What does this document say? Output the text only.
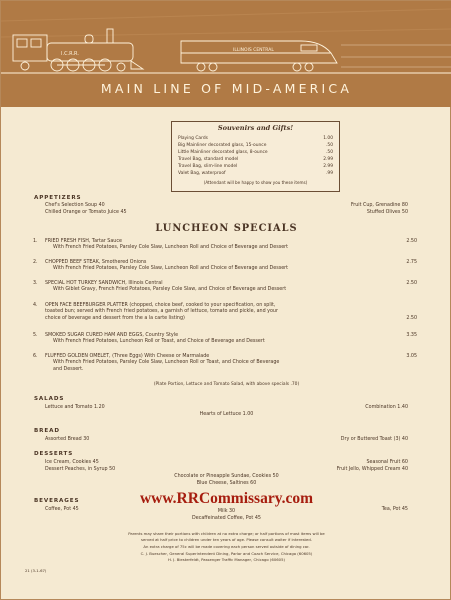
I.C.R.R.
ILLINOIS CENTRAL
MAIN LINE OF MID-AMERICA
Souvenirs and Gifts!
Playing Cards	1.00
Big Mainliner decorated glass, 15-ounce	.50
Little Mainliner decorated glass, 8-ounce	.50
Travel Bag, standard model	2.99
Travel Bag, slim-line model	2.99
Valet Bag, waterproof	.99
(Attendant will be happy to show you these items)
APPETIZERS
Chef's Selection Soup 40
Chilled Orange or Tomato Juice 45
Fruit Cup, Grenadine 80
Stuffed Olives 50
LUNCHEON SPECIALS
1. FRIED FRESH FISH, Tartar Sauce
With French Fried Potatoes, Parsley Cole Slaw, Luncheon Roll and Choice of Beverage and Dessert
2.50
2. CHOPPED BEEF STEAK, Smothered Onions
With French Fried Potatoes, Parsley Cole Slaw, Luncheon Roll and Choice of Beverage and Dessert
2.75
3. SPECIAL HOT TURKEY SANDWICH, Illinois Central
With Giblet Gravy, French Fried Potatoes, Parsley Cole Slaw, and Choice of Beverage and Dessert
2.50
4. OPEN FACE BEEFBURGER PLATTER (chopped, choice beef, cooked to your specification, on split,
toasted bun; served with French fried potatoes, a garnish of lettuce, tomato and pickle, and your
choice of beverage and dessert from the a la carte listing)	2.50
5. SMOKED SUGAR CURED HAM AND EGGS, Country Style
With French Fried Potatoes, Luncheon Roll or Toast, and Choice of Beverage and Dessert
3.35
6. FLUFFED GOLDEN OMELET, (Three Eggs) With Cheese or Marmalade
With French Fried Potatoes, Parsley Cole Slaw, Luncheon Roll or Toast, and Choice of Beverage
and Dessert.
3.05
(Plate Portion, Lettuce and Tomato Salad, with above specials .70)
SALADS
Lettuce and Tomato 1.20	Combination 1.40
Hearts of Lettuce 1.00
BREAD
Assorted Bread 30	Dry or Buttered Toast (3) 40
DESSERTS
Ice Cream, Cookies 45
Dessert Peaches, in Syrup 50
Seasonal Fruit 60
Fruit Jello, Whipped Cream 40
Chocolate or Pineapple Sundae, Cookies 50
Blue Cheese, Saltines 60
www.RRCommissary.com
BEVERAGES
Coffee, Pot 45	Tea, Pot 45
Milk 30
Decaffeinated Coffee, Pot 45
Parents may share their portions with children at no extra charge; or half portions of most items will be
served at half price to children under ten years of age. Please consult waiter if interested.
An extra charge of 75c will be made covering each person served outside of dining car.
C. J. Buescher, General Superintendent Dining, Parlor and Coach Service, Chicago (60605)
H. J. Biesterfeldt, Passenger Traffic Manager, Chicago (60605)
21 (3-1-67)
